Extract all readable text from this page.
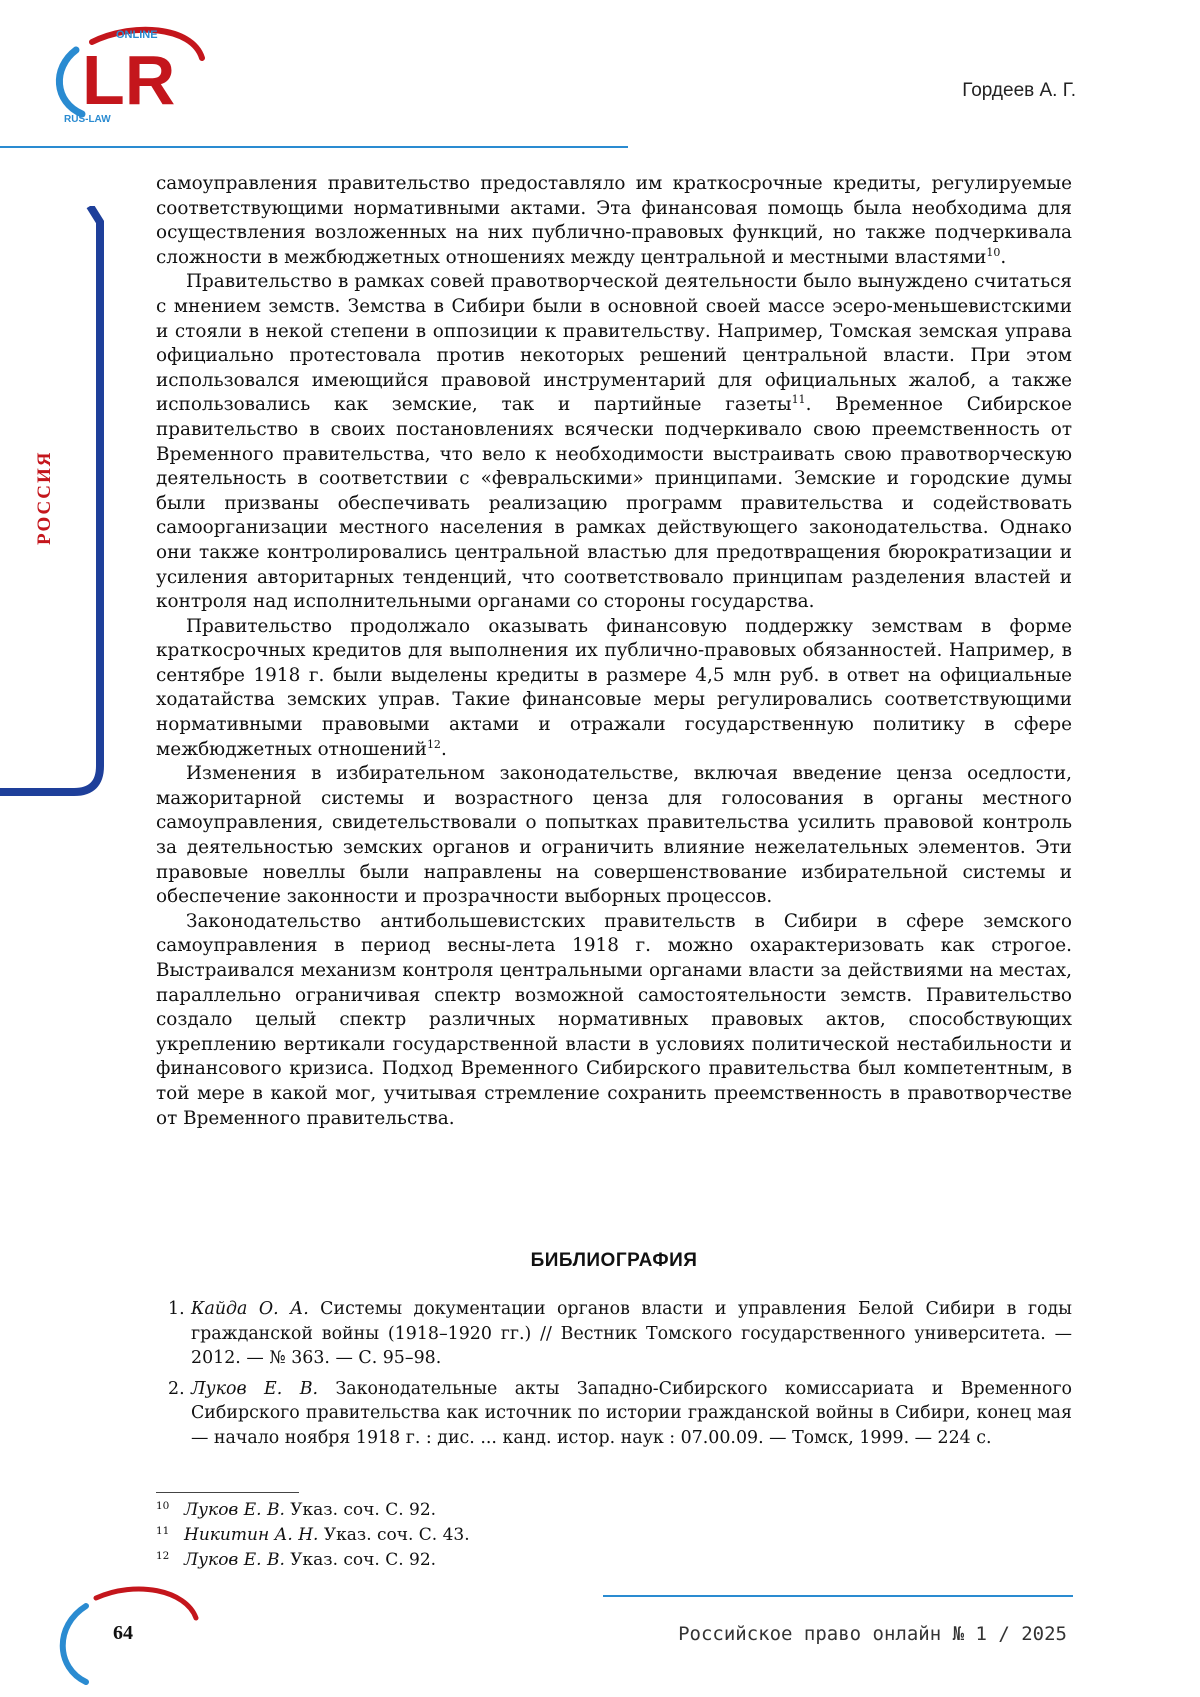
LR
ONLINE
RUS-LAW
Гордеев А. Г.
РОССИЯ

самоуправления правительство предоставляло им краткосрочные кредиты, регулируемые соответствующими нормативными актами. Эта финансовая помощь была необходима для осуществления возложенных на них публично-правовых функций, но также подчеркивала сложности в межбюджетных отношениях между центральной и местными властями$^{10}$.

Правительство в рамках совей правотворческой деятельности было вынуждено считаться с мнением земств. Земства в Сибири были в основной своей массе эсеро-меньшевистскими и стояли в некой степени в оппозиции к правительству. Например, Томская земская управа официально протестовала против некоторых решений центральной власти. При этом использовался имеющийся правовой инструментарий для официальных жалоб, а также использовались как земские, так и партийные газеты$^{11}$. Временное Сибирское правительство в своих постановлениях всячески подчеркивало свою преемственность от Временного правительства, что вело к необходимости выстраивать свою правотворческую деятельность в соответствии с «февральскими» принципами. Земские и городские думы были призваны обеспечивать реализацию программ правительства и содействовать самоорганизации местного населения в рамках действующего законодательства. Однако они также контролировались центральной властью для предотвращения бюрократизации и усиления авторитарных тенденций, что соответствовало принципам разделения властей и контроля над исполнительными органами со стороны государства.

Правительство продолжало оказывать финансовую поддержку земствам в форме краткосрочных кредитов для выполнения их публично-правовых обязанностей. Например, в сентябре 1918 г. были выделены кредиты в размере 4,5 млн руб. в ответ на официальные ходатайства земских управ. Такие финансовые меры регулировались соответствующими нормативными правовыми актами и отражали государственную политику в сфере межбюджетных отношений$^{12}$.

Изменения в избирательном законодательстве, включая введение ценза оседлости, мажоритарной системы и возрастного ценза для голосования в органы местного самоуправления, свидетельствовали о попытках правительства усилить правовой контроль за деятельностью земских органов и ограничить влияние нежелательных элементов. Эти правовые новеллы были направлены на совершенствование избирательной системы и обеспечение законности и прозрачности выборных процессов.

Законодательство антибольшевистских правительств в Сибири в сфере земского самоуправления в период весны-лета 1918 г. можно охарактеризовать как строгое. Выстраивался механизм контроля центральными органами власти за действиями на местах, параллельно ограничивая спектр возможной самостоятельности земств. Правительство создало целый спектр различных нормативных правовых актов, способствующих укреплению вертикали государственной власти в условиях политической нестабильности и финансового кризиса. Подход Временного Сибирского правительства был компетентным, в той мере в какой мог, учитывая стремление сохранить преемственность в правотворчестве от Временного правительства.

БИБЛИОГРАФИЯ
1. Кайда О. А. Системы документации органов власти и управления Белой Сибири в годы гражданской войны (1918–1920 гг.) // Вестник Томского государственного университета. — 2012. — № 363. — С. 95–98.
2. Луков Е. В. Законодательные акты Западно-Сибирского комиссариата и Временного Сибирского правительства как источник по истории гражданской войны в Сибири, конец мая — начало ноября 1918 г. : дис. ... канд. истор. наук : 07.00.09. — Томск, 1999. — 224 с.
10 Луков Е. В. Указ. соч. С. 92.
11 Никитин А. Н. Указ. соч. С. 43.
12 Луков Е. В. Указ. соч. С. 92.
64	Российское право онлайн № 1 / 2025
